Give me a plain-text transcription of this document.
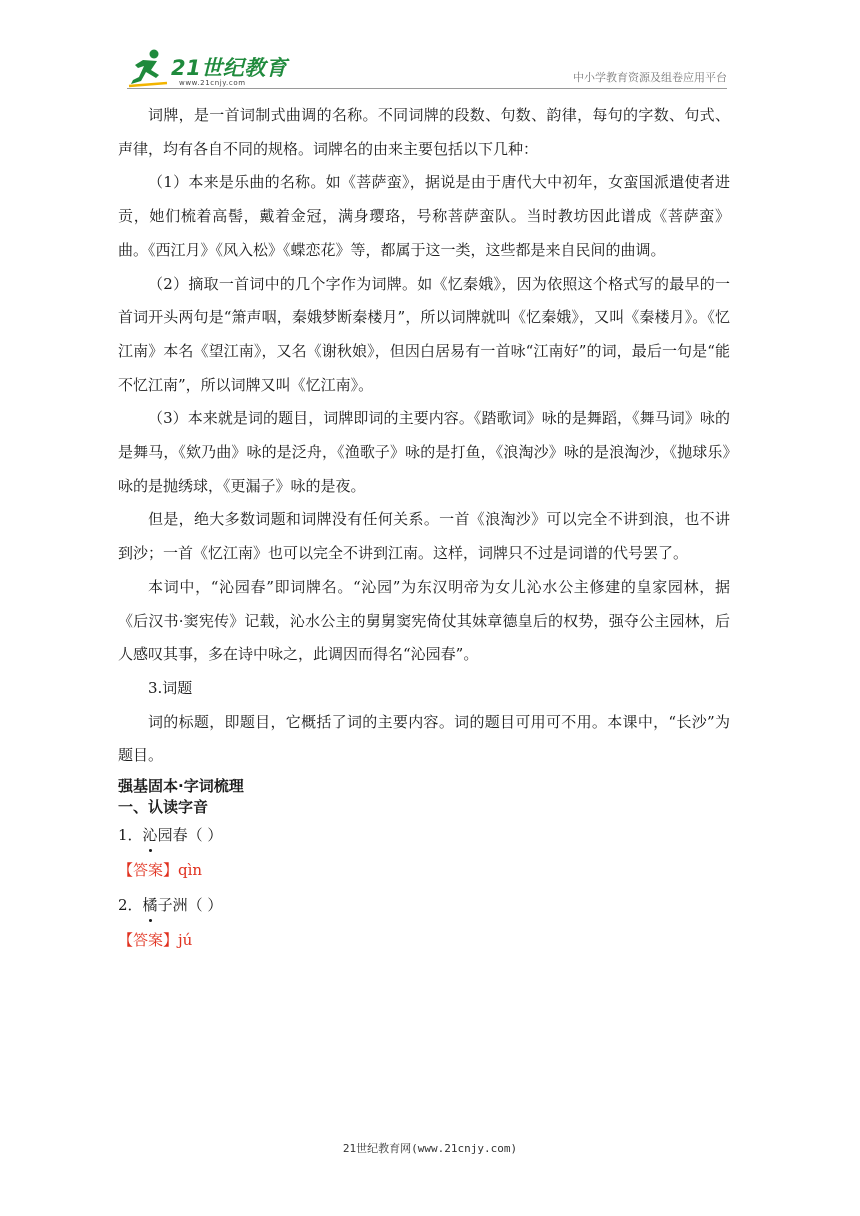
21世纪教育
www.21cnjy.com	中小学教育资源及组卷应用平台

词牌，是一首词制式曲调的名称。不同词牌的段数、句数、韵律，每句的字数、句式、声律，均有各自不同的规格。词牌名的由来主要包括以下几种：

（1）本来是乐曲的名称。如《菩萨蛮》，据说是由于唐代大中初年，女蛮国派遣使者进贡，她们梳着高髻，戴着金冠，满身璎珞，号称菩萨蛮队。当时教坊因此谱成《菩萨蛮》曲。《西江月》《风入松》《蝶恋花》等，都属于这一类，这些都是来自民间的曲调。

（2）摘取一首词中的几个字作为词牌。如《忆秦娥》，因为依照这个格式写的最早的一首词开头两句是“箫声咽，秦娥梦断秦楼月”，所以词牌就叫《忆秦娥》，又叫《秦楼月》。《忆江南》本名《望江南》，又名《谢秋娘》，但因白居易有一首咏“江南好”的词，最后一句是“能不忆江南”，所以词牌又叫《忆江南》。

（3）本来就是词的题目，词牌即词的主要内容。《踏歌词》咏的是舞蹈，《舞马词》咏的是舞马，《欸乃曲》咏的是泛舟，《渔歌子》咏的是打鱼，《浪淘沙》咏的是浪淘沙，《抛球乐》咏的是抛绣球，《更漏子》咏的是夜。

但是，绝大多数词题和词牌没有任何关系。一首《浪淘沙》可以完全不讲到浪，也不讲到沙；一首《忆江南》也可以完全不讲到江南。这样，词牌只不过是词谱的代号罢了。

本词中，“沁园春”即词牌名。“沁园”为东汉明帝为女儿沁水公主修建的皇家园林，据《后汉书·窦宪传》记载，沁水公主的舅舅窦宪倚仗其妹章德皇后的权势，强夺公主园林，后人感叹其事，多在诗中咏之，此调因而得名“沁园春”。

3.词题

词的标题，即题目，它概括了词的主要内容。词的题目可用可不用。本课中，“长沙”为题目。

强基固本·字词梳理

一、认读字音

1．沁园春（ ）

【答案】qìn

2．橘子洲（ ）

【答案】jú

21世纪教育网(www.21cnjy.com)
